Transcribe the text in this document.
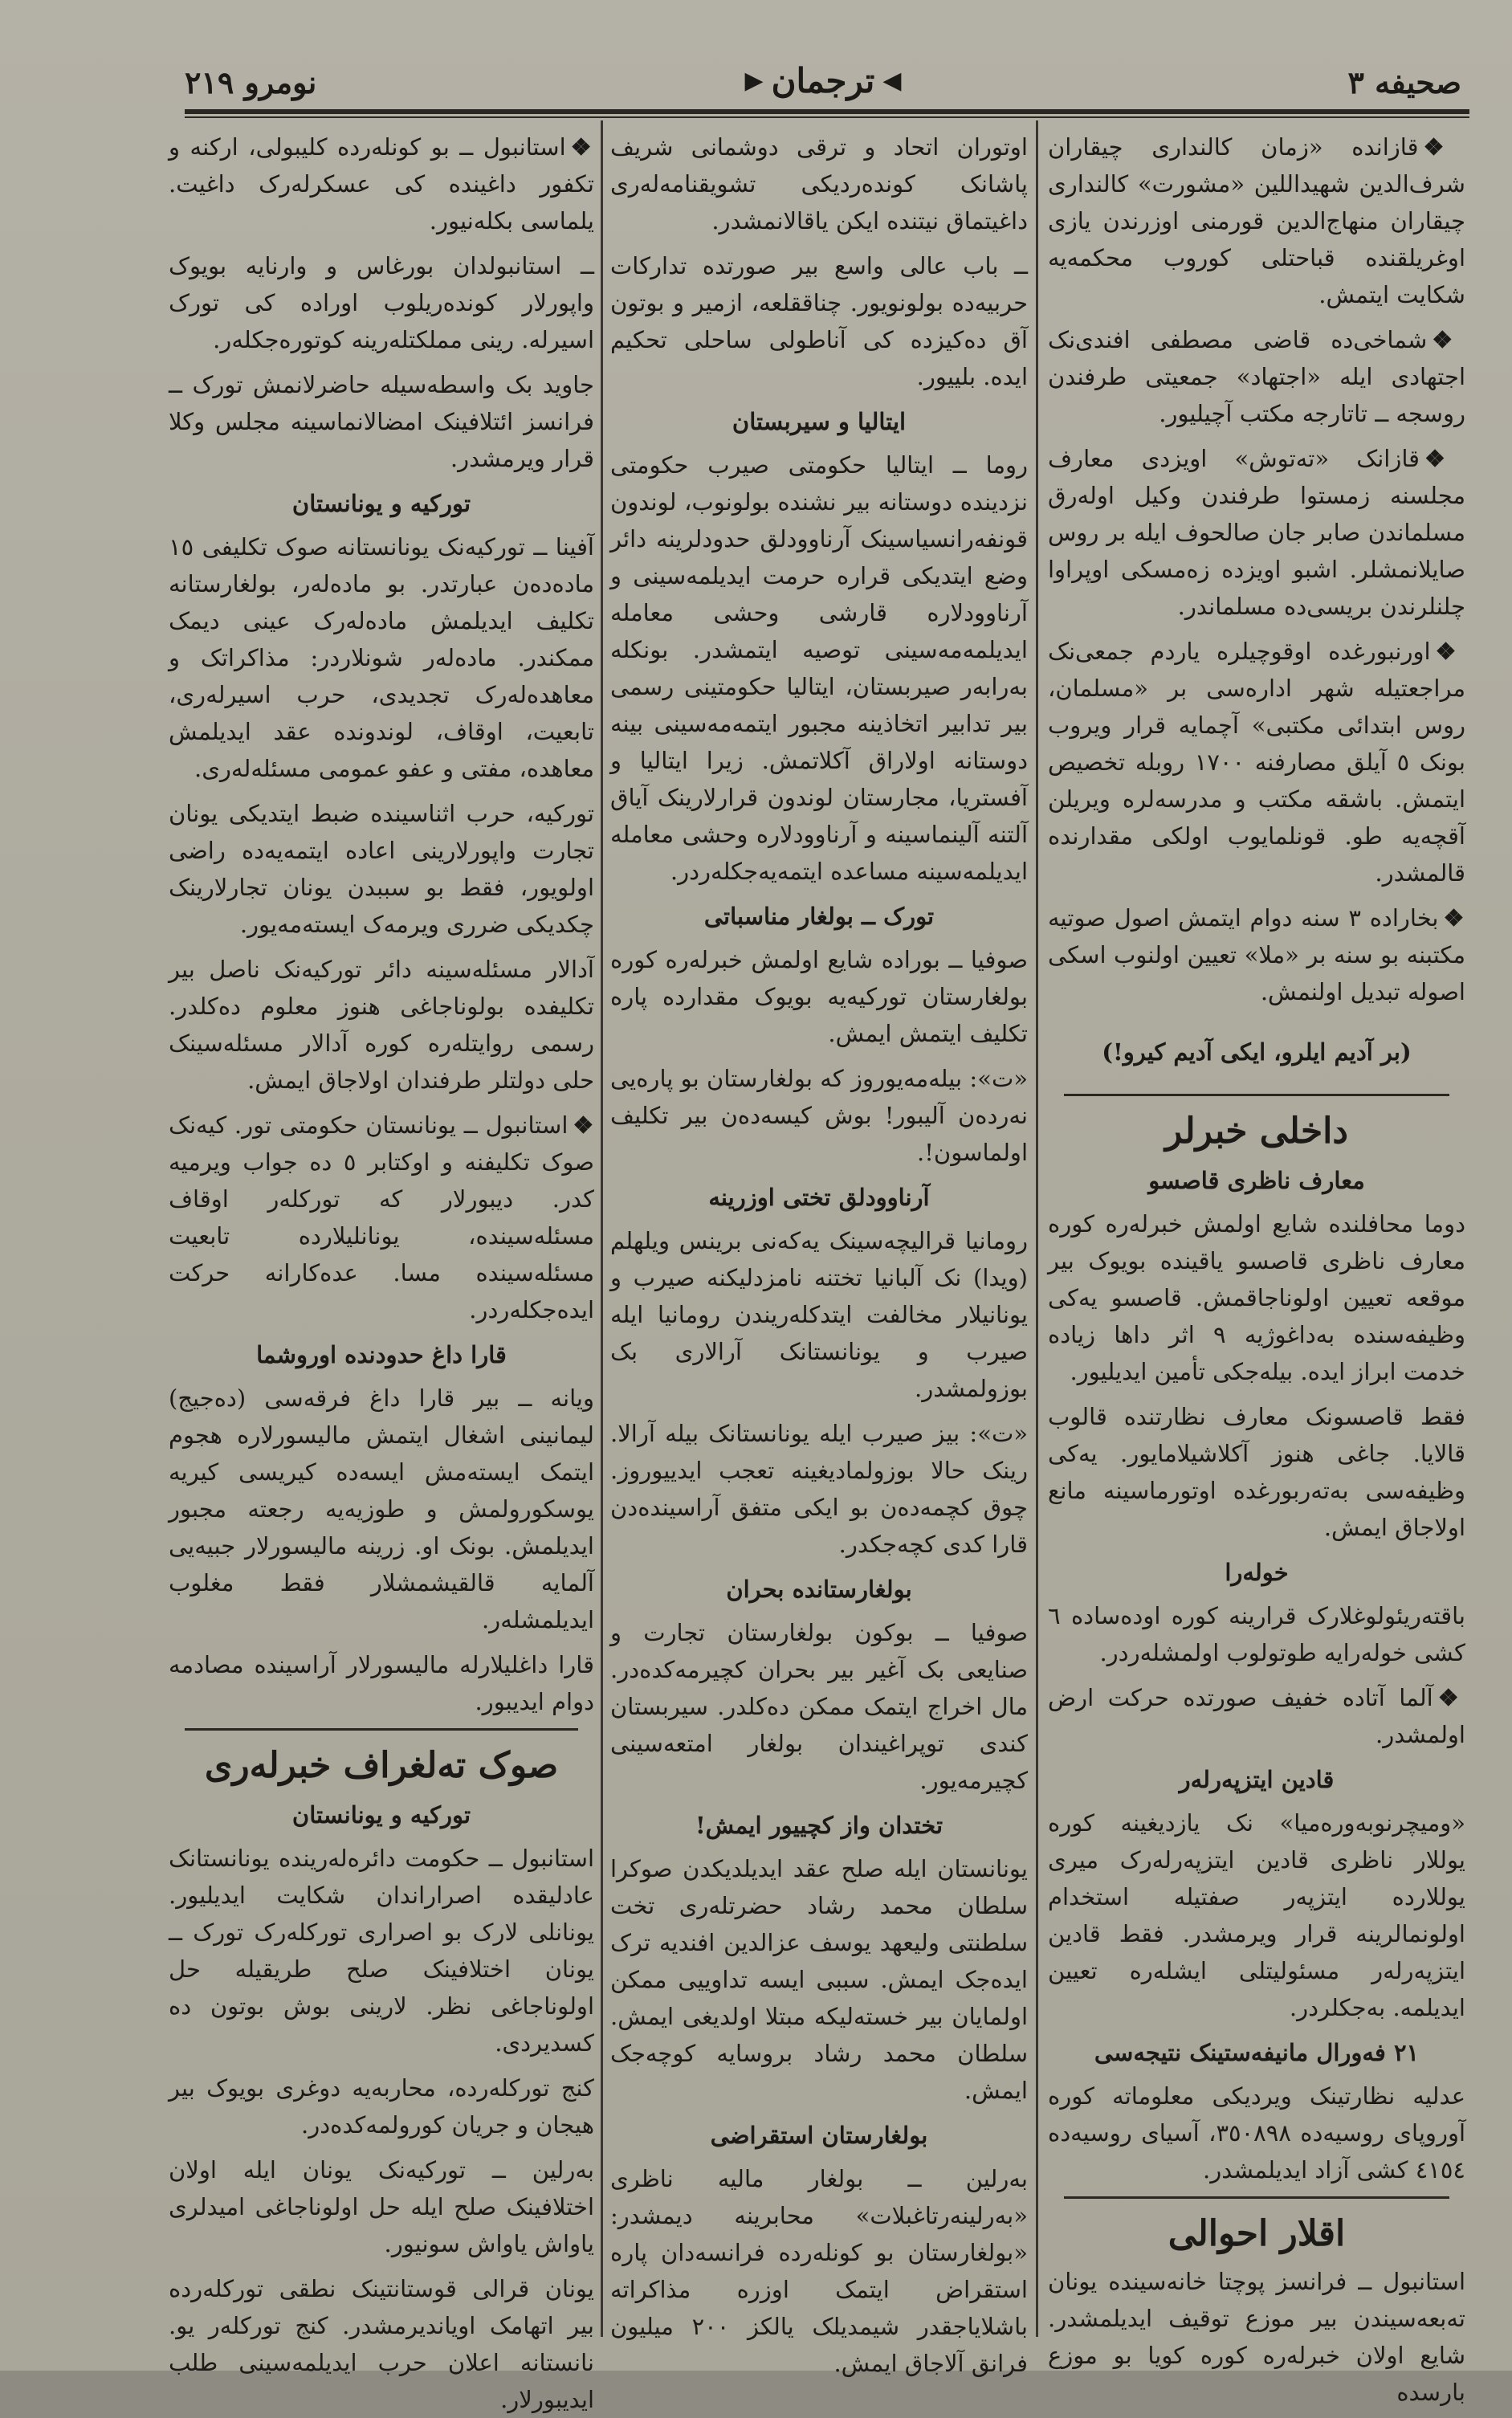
صحیفه ٣
◀
ترجمان
▶
نومرو ٢١٩

❖قازانده «زمان کالنداری چیقاران شرف‌الدین شهیداللین «مشورت» کالنداری چیقاران منهاج‌الدین قورمنی اوزرندن یازی اوغریلقنده قباحتلی کوروب محکمه‌یه شکایت ایتمش.

❖شماخی‌ده قاضی مصطفی افندی‌نک اجتهادی ایله «اجتهاد» جمعیتی طرفندن روسجه ــ تاتارجه مکتب آچیلیور.

❖قازانک «تەتوش» اویزدی معارف مجلسنه زمستوا طرفندن وکیل اولەرق مسلماندن صابر جان صالحوف ایله بر روس صایلانمشلر. اشبو اویزده زەمسکی اوپراوا چلنلرندن بریسی‌ده مسلماندر.

❖اورنبورغده اوقوچیلره یاردم جمعی‌نک مراجعتیله شهر ادارەسی بر «مسلمان، روس ابتدائی مکتبی» آچمایه قرار ویروب بونک ٥ آیلق مصارفنه ١٧٠٠ روبله تخصیص ایتمش. باشقه مکتب و مدرسەلره ویریلن آقچەیه طو. قونلمایوب اولکی مقدارنده قالمشدر.

❖بخاراده ٣ سنه دوام ایتمش اصول صوتیه مکتبنه بو سنه بر «ملا» تعیین اولنوب اسکی اصوله تبدیل اولنمش.

(بر آدیم ایلرو، ایکی آدیم کیرو!)

داخلی خبرلر
معارف ناظری قاصسو

دوما محافلنده شایع اولمش خبرلەرە کوره معارف ناظری قاصسو یاقینده بویوک بیر موقعه تعیین اولوناجاقمش. قاصسو یەکی وظیفەسنده بەداغوژیه ۹ اثر داها زیاده خدمت ابراز ایدە. بیلەجکی تأمین ایدیلیور.

فقط قاصسونک معارف نظارتنده قالوب قالایا. جاغی هنوز آکلاشیلامایور. یەکی وظیفەسی بەتەربورغده اوتورماسینه مانع اولاجاق ایمش.

خولەرا

باقتەریئولوغلارک قرارینه کوره اودەساده ٦ کشی خولەرایه طوتولوب اولمشلەردر.

❖آلما آتاده خفیف صورتده حرکت ارض اولمشدر.

قادین ایتزپەرلەر

«ومیچرنوبەورەمیا» نک یازدیغینه کوره یوللار ناظری قادین ایتزپەرلەرک میری یوللارده ایتزپەر صفتیله استخدام اولونمالرینه قرار ویرمشدر. فقط قادین ایتزپەرلەر مسئولیتلی ایشلەره تعیین ایدیلمە. بەجکلردر.

٢١ فەورال مانیفەستینک نتیجەسی

عدلیه نظارتینک ویردیکی معلوماته کوره آوروپای روسیه‌ده ٣٥٠٨٩٨، آسیای روسیه‌ده ٤١٥٤ کشی آزاد ایدیلمشدر.

اقلار احوالی

استانبول ــ فرانسز پوچتا خانەسینده یونان تەبعەسیندن بیر موزع توقیف ایدیلمشدر. شایع اولان خبرلەره کوره کویا بو موزع بارسده

اوتوران اتحاد و ترقی دوشمانی شریف پاشانک کوندەردیکی تشویقنامەلەری داغیتماق نیتنده ایکن یاقالانمشدر.

ــ باب عالی واسع بیر صورتده تدارکات حربیه‌ده بولونویور. چناققلعه، ازمیر و بوتون آق دەکیزده کی آناطولی ساحلی تحکیم ایدە. بلییور.

ایتالیا و سیربستان

روما ــ ایتالیا حکومتی صیرب حکومتی نزدینده دوستانه بیر نشنده بولونوب، لوندون قونفەرانسیاسینک آرناوودلق حدودلرینه دائر وضع ایتدیکی قراره حرمت ایدیلمەسینی و آرناوودلاره قارشی وحشی معامله ایدیلمەمەسینی توصیه ایتمشدر. بونکله بەرابەر صیربستان، ایتالیا حکومتینی رسمی بیر تدابیر اتخاذینه مجبور ایتمەمەسینی بینه دوستانه اولاراق آکلاتمش. زیرا ایتالیا و آفستریا، مجارستان لوندون قرارلارینک آیاق آلتنه آلینماسینه و آرناوودلاره وحشی معامله ایدیلمەسینه مساعده ایتمەیەجکلەردر.

تورک ــ بولغار مناسباتی

صوفیا ــ بوراده شایع اولمش خبرلەره کوره بولغارستان تورکیه‌یه بویوک مقدارده پاره تکلیف ایتمش ایمش.

«ت»: بیلەمەیوروز که بولغارستان بو پارەیی نەردەن آلیبور! بوش کیسەدەن بیر تکلیف اولماسون!.

آرناوودلق تختی اوزرینه

رومانیا قرالیچەسینک یەکەنی برینس ویلهلم (ویدا) نک آلبانیا تختنه نامزدلیکنه صیرب و یونانیلار مخالفت ایتدکلەریندن رومانیا ایله صیرب و یونانستانک آرالاری بک بوزولمشدر.

«ت»: بیز صیرب ایله یونانستانک بیله آرالا. رینک حالا بوزولمادیغینه تعجب ایدییوروز. چوق کچمەدەن بو ایکی متفق آراسیندەدن قارا کدی کچەجکدر.

بولغارستانده بحران

صوفیا ــ بوکون بولغارستان تجارت و صنایعی بک آغیر بیر بحران کچیرمەکدەدر. مال اخراج ایتمک ممکن دەکلدر. سیربستان کندی توپراغیندان بولغار امتعەسینی کچیرمەیور.

تختدان واز کچییور ایمش!

یونانستان ایله صلح عقد ایدیلدیکدن صوکرا سلطان محمد رشاد حضرتلەری تخت سلطنتی ولیعهد یوسف عزالدین افندیه ترک ایدەجک ایمش. سببی ایسه تداوییی ممکن اولمایان بیر خستەلیکه مبتلا اولدیغی ایمش. سلطان محمد رشاد بروسایه کوچەجک ایمش.

بولغارستان استقراضی

بەرلین ــ بولغار مالیه ناظری «بەرلینەرتاغبلات» محابرینه دیمشدر: «بولغارستان بو کونلەرده فرانسەدان پاره استقراض ایتمک اوزره مذاکراته باشلایاجقدر شیمدیلک یالکز ٢٠٠ میلیون فرانق آلاجاق ایمش.

❖استانبول ــ بو کونلەرده کلیبولی، ارکنه و تکفور داغینده کی عسکرلەرک داغیت. یلماسی بکلەنیور.

ــ استانبولدان بورغاس و وارنایه بویوک واپورلار کوندەریلوب اوراده کی تورک اسیرلە. رینی مملکتلەرینه کوتورەجکلەر.

جاوید بک واسطەسیله حاضرلانمش تورک ــ فرانسز ائتلافینک امضالانماسینه مجلس وکلا قرار ویرمشدر.

تورکیه و یونانستان

آفینا ــ تورکیه‌نک یونانستانه صوک تکلیفی ١٥ مادەدەن عبارتدر. بو مادەلەر، بولغارستانه تکلیف ایدیلمش مادەلەرک عینی دیمک ممکندر. مادەلەر شونلاردر: مذاکراتک و معاهدەلەرک تجدیدی، حرب اسیرلەری، تابعیت، اوقاف، لوندونده عقد ایدیلمش معاهده، مفتی و عفو عمومی مسئلەلەری.

تورکیه، حرب اثناسینده ضبط ایتدیکی یونان تجارت واپورلارینی اعاده ایتمەیەده راضی اولویور، فقط بو سببدن یونان تجارلارینک چکدیکی ضرری ویرمەک ایستەمەیور.

آدالار مسئلەسینه دائر تورکیه‌نک ناصل بیر تکلیفده بولوناجاغی هنوز معلوم دەکلدر. رسمی روایتلەره کوره آدالار مسئلەسینک حلی دولتلر طرفندان اولاجاق ایمش.

❖استانبول ــ یونانستان حکومتی تور. کیه‌نک صوک تکلیفنه و اوکتابر ٥ ده جواب ویرمیه کدر. دیبورلار که تورکلەر اوقاف مسئلەسینده، یونانلیلارده تابعیت مسئلەسینده مسا. عدەکارانه حرکت ایدەجکلەردر.

قارا داغ حدودنده اوروشما

ویانه ــ بیر قارا داغ فرقەسی (دەجیج) لیمانینی اشغال ایتمش مالیسورلاره هجوم ایتمک ایستەمش ایسەده کیریسی کیریه یوسکورولمش و طوزیه‌یه رجعته مجبور ایدیلمش. بونک او. زرینه مالیسورلار جبیەیی آلمایه قالقیشمشلار فقط مغلوب ایدیلمشلەر.

قارا داغلیلارله مالیسورلار آراسینده مصادمه دوام ایدیبور.

صوک تەلغراف خبرلەری
تورکیه و یونانستان

استانبول ــ حکومت دائرەلەرینده یونانستانک عادلیقده اصراراندان شکایت ایدیلیور. یونانلی لارک بو اصراری تورکلەرک تورک ــ یونان اختلافینک صلح طریقیله حل اولوناجاغی نظر. لارینی بوش بوتون دە کسدیردی.

کنج تورکلەرده، محاربەیه دوغری بویوک بیر هیجان و جریان کورولمەکدەدر.

بەرلین ــ تورکیه‌نک یونان ایله اولان اختلافینک صلح ایله حل اولوناجاغی امیدلری یاواش یاواش سونیور.

یونان قرالی قوستانتینک نطقی تورکلەرده بیر اتهامک اویاندیرمشدر. کنج تورکلەر یو. نانستانه اعلان حرب ایدیلمەسینی طلب ایدیبورلار.
